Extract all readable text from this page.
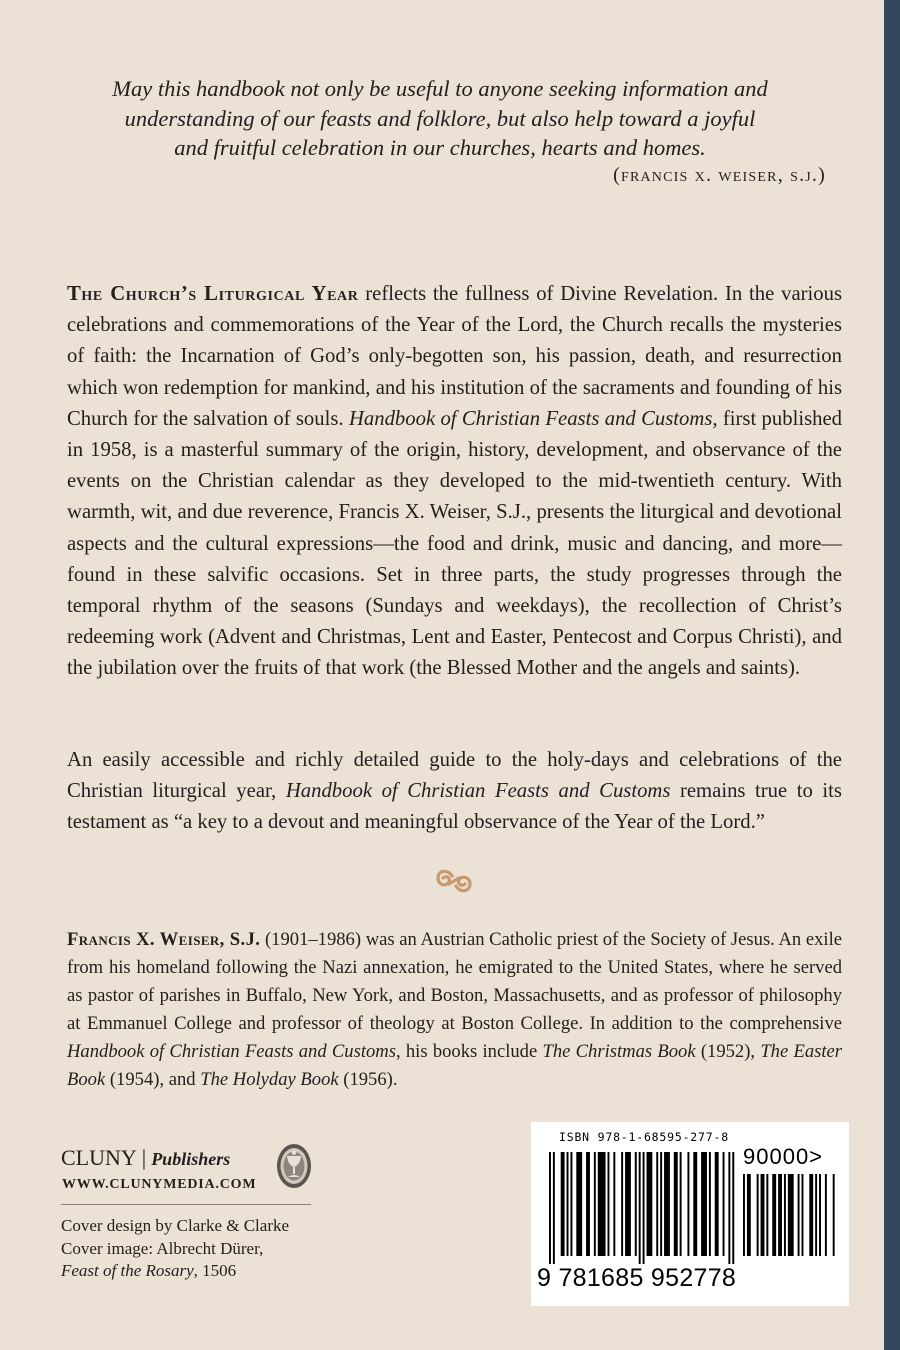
May this handbook not only be useful to anyone seeking information and
understanding of our feasts and folklore, but also help toward a joyful
and fruitful celebration in our churches, hearts and homes.
(francis x. weiser, s.j.)

The Church’s Liturgical Year reflects the fullness of Divine Revelation. In the various celebrations and commemorations of the Year of the Lord, the Church recalls the mysteries of faith: the Incarnation of God’s only-begotten son, his passion, death, and resurrection which won redemption for mankind, and his institution of the sacraments and founding of his Church for the salvation of souls. Handbook of Christian Feasts and Customs, first published in 1958, is a masterful summary of the origin, history, development, and observance of the events on the Christian calendar as they developed to the mid-twentieth century. With warmth, wit, and due reverence, Francis X. Weiser, S.J., presents the liturgical and devotional aspects and the cultural expressions—the food and drink, music and dancing, and more—found in these salvific occasions. Set in three parts, the study progresses through the temporal rhythm of the seasons (Sundays and weekdays), the recollection of Christ’s redeeming work (Advent and Christmas, Lent and Easter, Pentecost and Corpus Christi), and the jubilation over the fruits of that work (the Blessed Mother and the angels and saints).

An easily accessible and richly detailed guide to the holy-days and celebrations of the Christian liturgical year, Handbook of Christian Feasts and Customs remains true to its testament as “a key to a devout and meaningful observance of the Year of the Lord.”

Francis X. Weiser, S.J. (1901–1986) was an Austrian Catholic priest of the Society of Jesus. An exile from his homeland following the Nazi annexation, he emigrated to the United States, where he served as pastor of parishes in Buffalo, New York, and Boston, Massachusetts, and as professor of philosophy at Emmanuel College and professor of theology at Boston College. In addition to the comprehensive Handbook of Christian Feasts and Customs, his books include The Christmas Book (1952), The Easter Book (1954), and The Holyday Book (1956).

CLUNY | Publishers
WWW.CLUNYMEDIA.COM
Cover design by Clarke & Clarke
Cover image: Albrecht Dürer,
Feast of the Rosary, 1506
ISBN 978-1-68595-277-8
90000>
9 781685 952778
